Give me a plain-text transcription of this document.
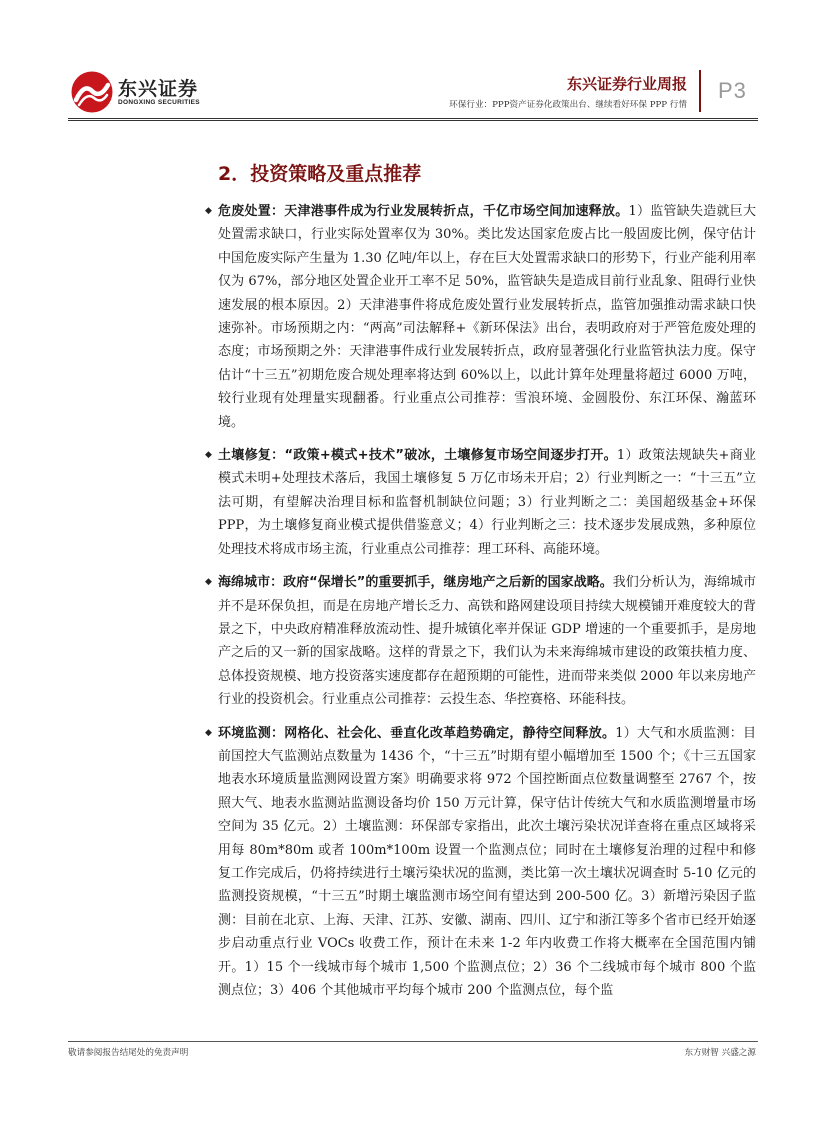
东兴证券
DONGXING SECURITIES
东兴证券行业周报
环保行业：PPP资产证券化政策出台、继续看好环保 PPP 行情
P3
2．投资策略及重点推荐

◆ 危废处置：天津港事件成为行业发展转折点，千亿市场空间加速释放。1）监管缺失造就巨大处置需求缺口，行业实际处置率仅为 30%。类比发达国家危废占比一般固废比例，保守估计中国危废实际产生量为 1.30 亿吨/年以上，存在巨大处置需求缺口的形势下，行业产能利用率仅为 67%，部分地区处置企业开工率不足 50%，监管缺失是造成目前行业乱象、阻碍行业快速发展的根本原因。2）天津港事件将成危废处置行业发展转折点，监管加强推动需求缺口快速弥补。市场预期之内：“两高”司法解释+《新环保法》出台，表明政府对于严管危废处理的态度；市场预期之外：天津港事件成行业发展转折点，政府显著强化行业监管执法力度。保守估计“十三五”初期危废合规处理率将达到 60%以上，以此计算年处理量将超过 6000 万吨，较行业现有处理量实现翻番。行业重点公司推荐：雪浪环境、金圆股份、东江环保、瀚蓝环境。

◆ 土壤修复：“政策+模式+技术”破冰，土壤修复市场空间逐步打开。1）政策法规缺失+商业模式未明+处理技术落后，我国土壤修复 5 万亿市场未开启；2）行业判断之一：“十三五”立法可期，有望解决治理目标和监督机制缺位问题；3）行业判断之二：美国超级基金+环保 PPP，为土壤修复商业模式提供借鉴意义；4）行业判断之三：技术逐步发展成熟，多种原位处理技术将成市场主流，行业重点公司推荐：理工环科、高能环境。

◆ 海绵城市：政府“保增长”的重要抓手，继房地产之后新的国家战略。我们分析认为，海绵城市并不是环保负担，而是在房地产增长乏力、高铁和路网建设项目持续大规模铺开难度较大的背景之下，中央政府精准释放流动性、提升城镇化率并保证 GDP 增速的一个重要抓手，是房地产之后的又一新的国家战略。这样的背景之下，我们认为未来海绵城市建设的政策扶植力度、总体投资规模、地方投资落实速度都存在超预期的可能性，进而带来类似 2000 年以来房地产行业的投资机会。行业重点公司推荐：云投生态、华控赛格、环能科技。

◆ 环境监测：网格化、社会化、垂直化改革趋势确定，静待空间释放。1）大气和水质监测：目前国控大气监测站点数量为 1436 个，“十三五”时期有望小幅增加至 1500 个；《十三五国家地表水环境质量监测网设置方案》明确要求将 972 个国控断面点位数量调整至 2767 个，按照大气、地表水监测站监测设备均价 150 万元计算，保守估计传统大气和水质监测增量市场空间为 35 亿元。2）土壤监测：环保部专家指出，此次土壤污染状况详查将在重点区域将采用每 80m*80m 或者 100m*100m 设置一个监测点位；同时在土壤修复治理的过程中和修复工作完成后，仍将持续进行土壤污染状况的监测，类比第一次土壤状况调查时 5-10 亿元的监测投资规模，“十三五”时期土壤监测市场空间有望达到 200-500 亿。3）新增污染因子监测：目前在北京、上海、天津、江苏、安徽、湖南、四川、辽宁和浙江等多个省市已经开始逐步启动重点行业 VOCs 收费工作，预计在未来 1-2 年内收费工作将大概率在全国范围内铺开。1）15 个一线城市每个城市 1,500 个监测点位；2）36 个二线城市每个城市 800 个监测点位；3）406 个其他城市平均每个城市 200 个监测点位，每个监

敬请参阅报告结尾处的免责声明	东方财智 兴盛之源
